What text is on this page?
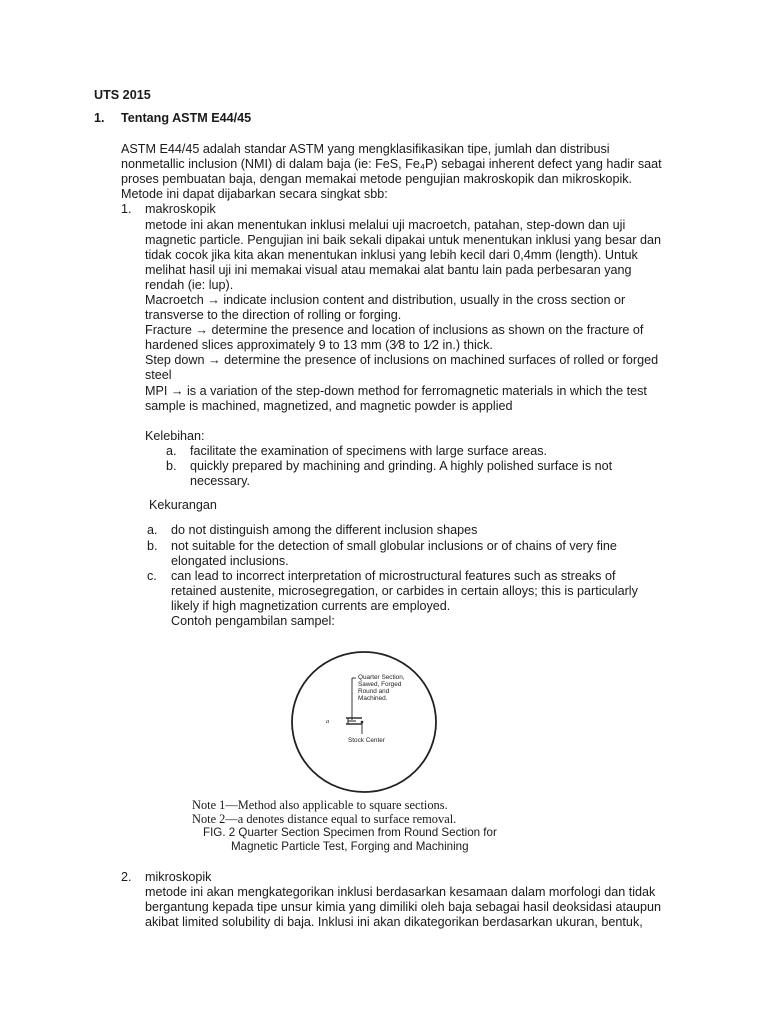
UTS 2015
1. Tentang ASTM E44/45
ASTM E44/45 adalah standar ASTM yang mengklasifikasikan tipe, jumlah dan distribusi
nonmetallic inclusion (NMI) di dalam baja (ie: FeS, Fe₄P) sebagai inherent defect yang hadir saat
proses pembuatan baja, dengan memakai metode pengujian makroskopik dan mikroskopik.
Metode ini dapat dijabarkan secara singkat sbb:
1. makroskopik
metode ini akan menentukan inklusi melalui uji macroetch, patahan, step-down dan uji
magnetic particle. Pengujian ini baik sekali dipakai untuk menentukan inklusi yang besar dan
tidak cocok jika kita akan menentukan inklusi yang lebih kecil dari 0,4mm (length). Untuk
melihat hasil uji ini memakai visual atau memakai alat bantu lain pada perbesaran yang
rendah (ie: lup).
Macroetch → indicate inclusion content and distribution, usually in the cross section or
transverse to the direction of rolling or forging.
Fracture → determine the presence and location of inclusions as shown on the fracture of
hardened slices approximately 9 to 13 mm (3⁄8 to 1⁄2 in.) thick.
Step down → determine the presence of inclusions on machined surfaces of rolled or forged
steel
MPI → is a variation of the step-down method for ferromagnetic materials in which the test
sample is machined, magnetized, and magnetic powder is applied
Kelebihan:
a. facilitate the examination of specimens with large surface areas.
b. quickly prepared by machining and grinding. A highly polished surface is not
necessary.
Kekurangan
a. do not distinguish among the different inclusion shapes
b. not suitable for the detection of small globular inclusions or of chains of very fine
elongated inclusions.
c. can lead to incorrect interpretation of microstructural features such as streaks of
retained austenite, microsegregation, or carbides in certain alloys; this is particularly
likely if high magnetization currents are employed.
Contoh pengambilan sampel:
Quarter Section,
Sawed, Forged
Round and
Machined.
a
Stock Center
Note 1—Method also applicable to square sections.
Note 2—a denotes distance equal to surface removal.
FIG. 2 Quarter Section Specimen from Round Section for
Magnetic Particle Test, Forging and Machining
2. mikroskopik
metode ini akan mengkategorikan inklusi berdasarkan kesamaan dalam morfologi dan tidak
bergantung kepada tipe unsur kimia yang dimiliki oleh baja sebagai hasil deoksidasi ataupun
akibat limited solubility di baja. Inklusi ini akan dikategorikan berdasarkan ukuran, bentuk,
